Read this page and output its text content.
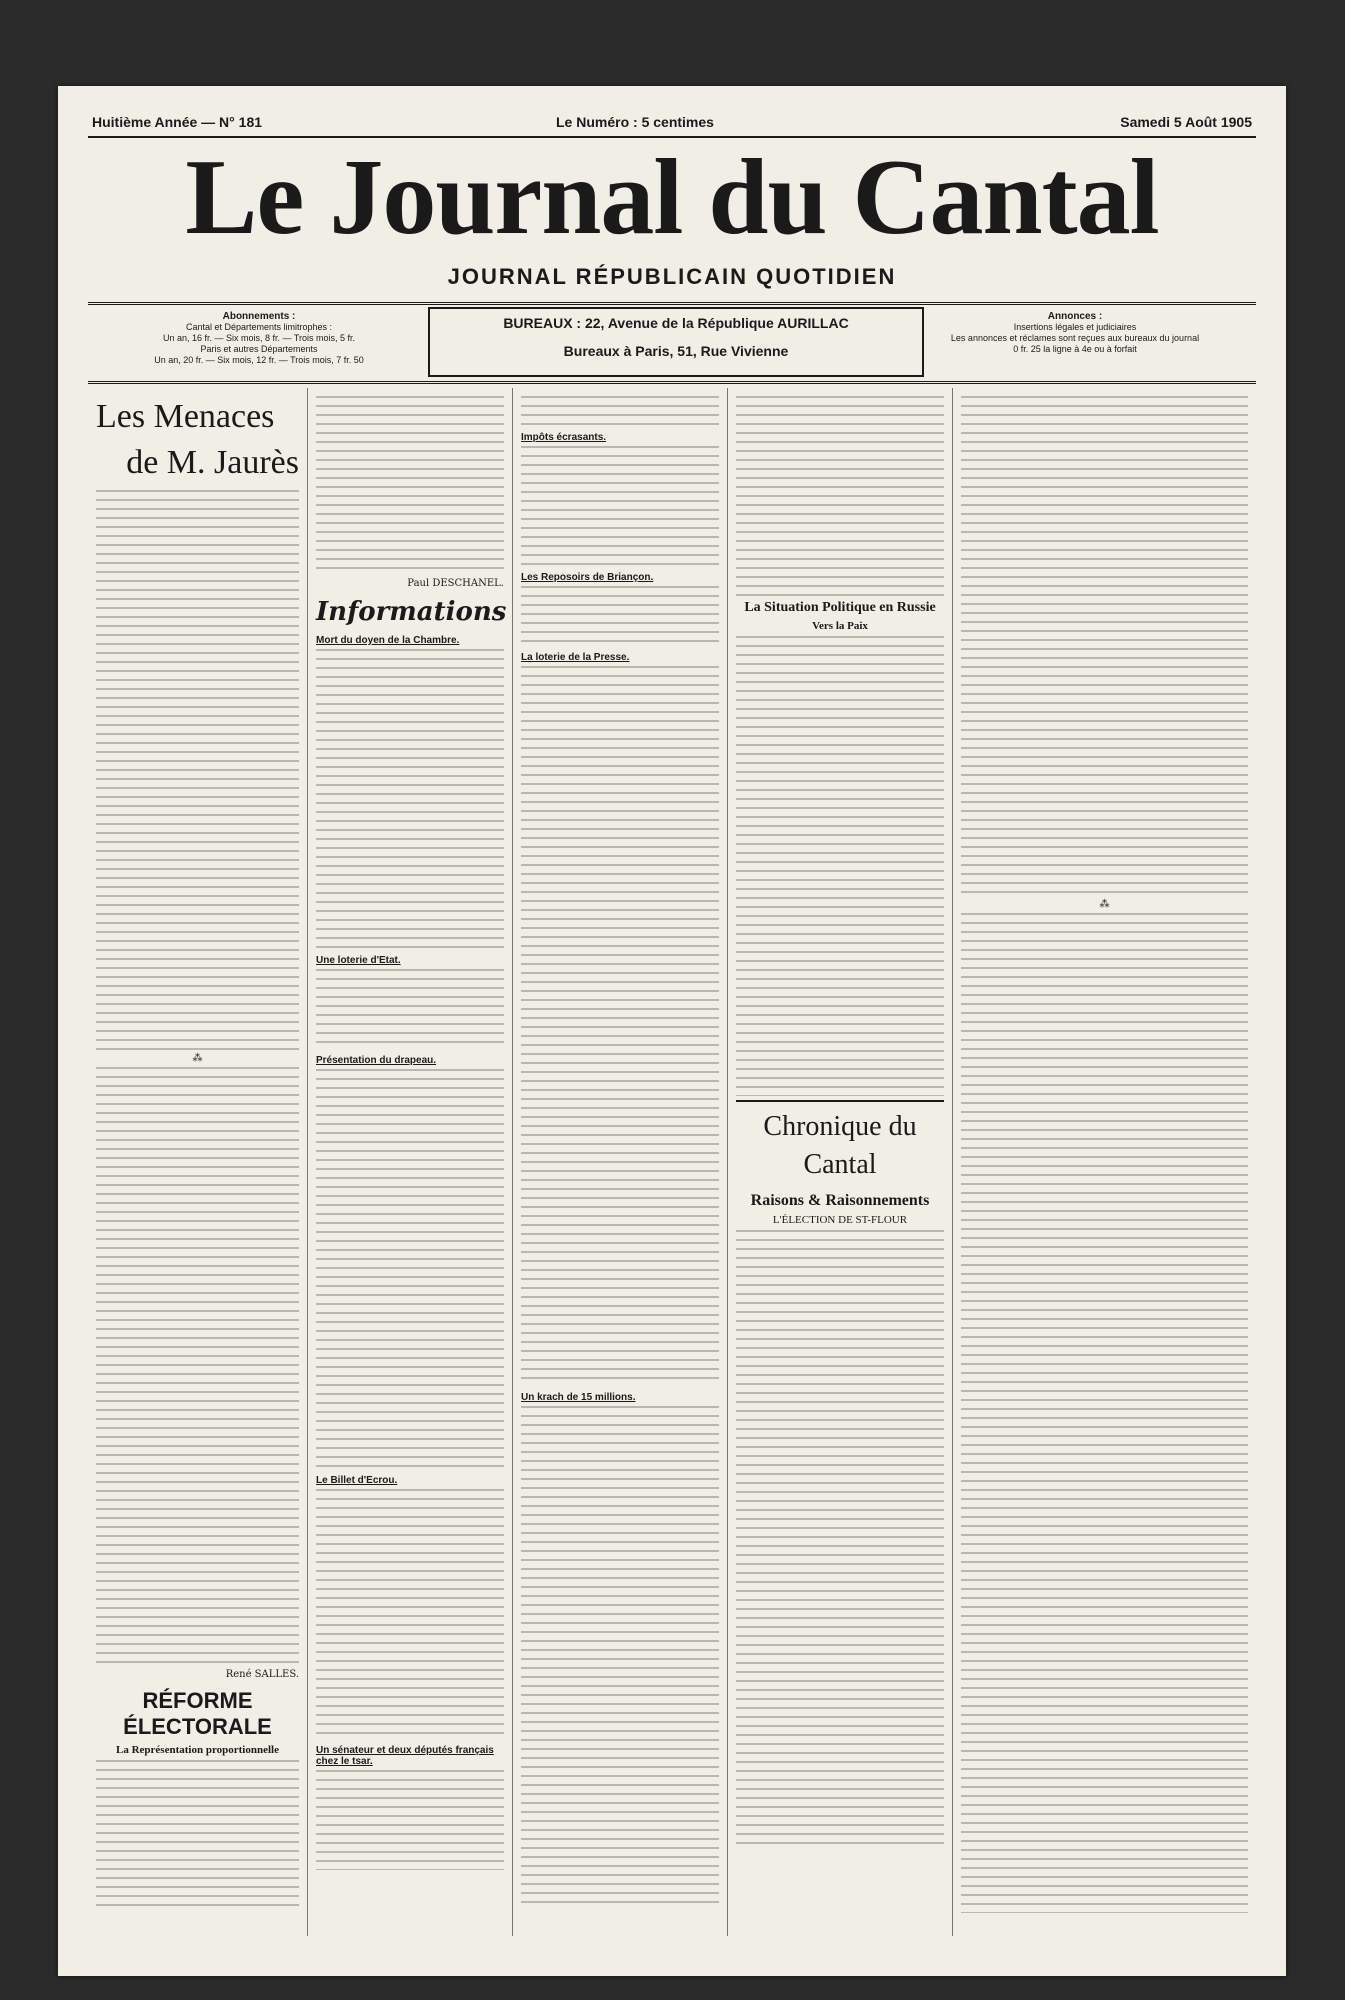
Huitième Année — N° 181	Le Numéro : 5 centimes	Samedi 5 Août 1905
Le Journal du Cantal
JOURNAL RÉPUBLICAIN QUOTIDIEN
Abonnements :
Cantal et Départements limitrophes :
Un an, 16 fr. — Six mois, 8 fr. — Trois mois, 5 fr.
Paris et autres Départements
Un an, 20 fr. — Six mois, 12 fr. — Trois mois, 7 fr. 50
BUREAUX : 22, Avenue de la République AURILLAC
Bureaux à Paris, 51, Rue Vivienne
Annonces :
Insertions légales et judiciaires
Les annonces et réclames sont reçues aux bureaux du journal
0 fr. 25 la ligne à 4e ou à forfait
Les Menaces
de M. Jaurès
⁂
René SALLES.
RÉFORME ÉLECTORALE
La Représentation proportionnelle
Paul DESCHANEL.
Informations
Mort du doyen de la Chambre.
Une loterie d'Etat.
Présentation du drapeau.
Le Billet d'Ecrou.
Un sénateur et deux députés français chez le tsar.
Impôts écrasants.
Les Reposoirs de Briançon.
La loterie de la Presse.
Un krach de 15 millions.
La Situation Politique en Russie
Vers la Paix
Chronique du Cantal
Raisons & Raisonnements
L'ÉLECTION DE ST-FLOUR
⁂
